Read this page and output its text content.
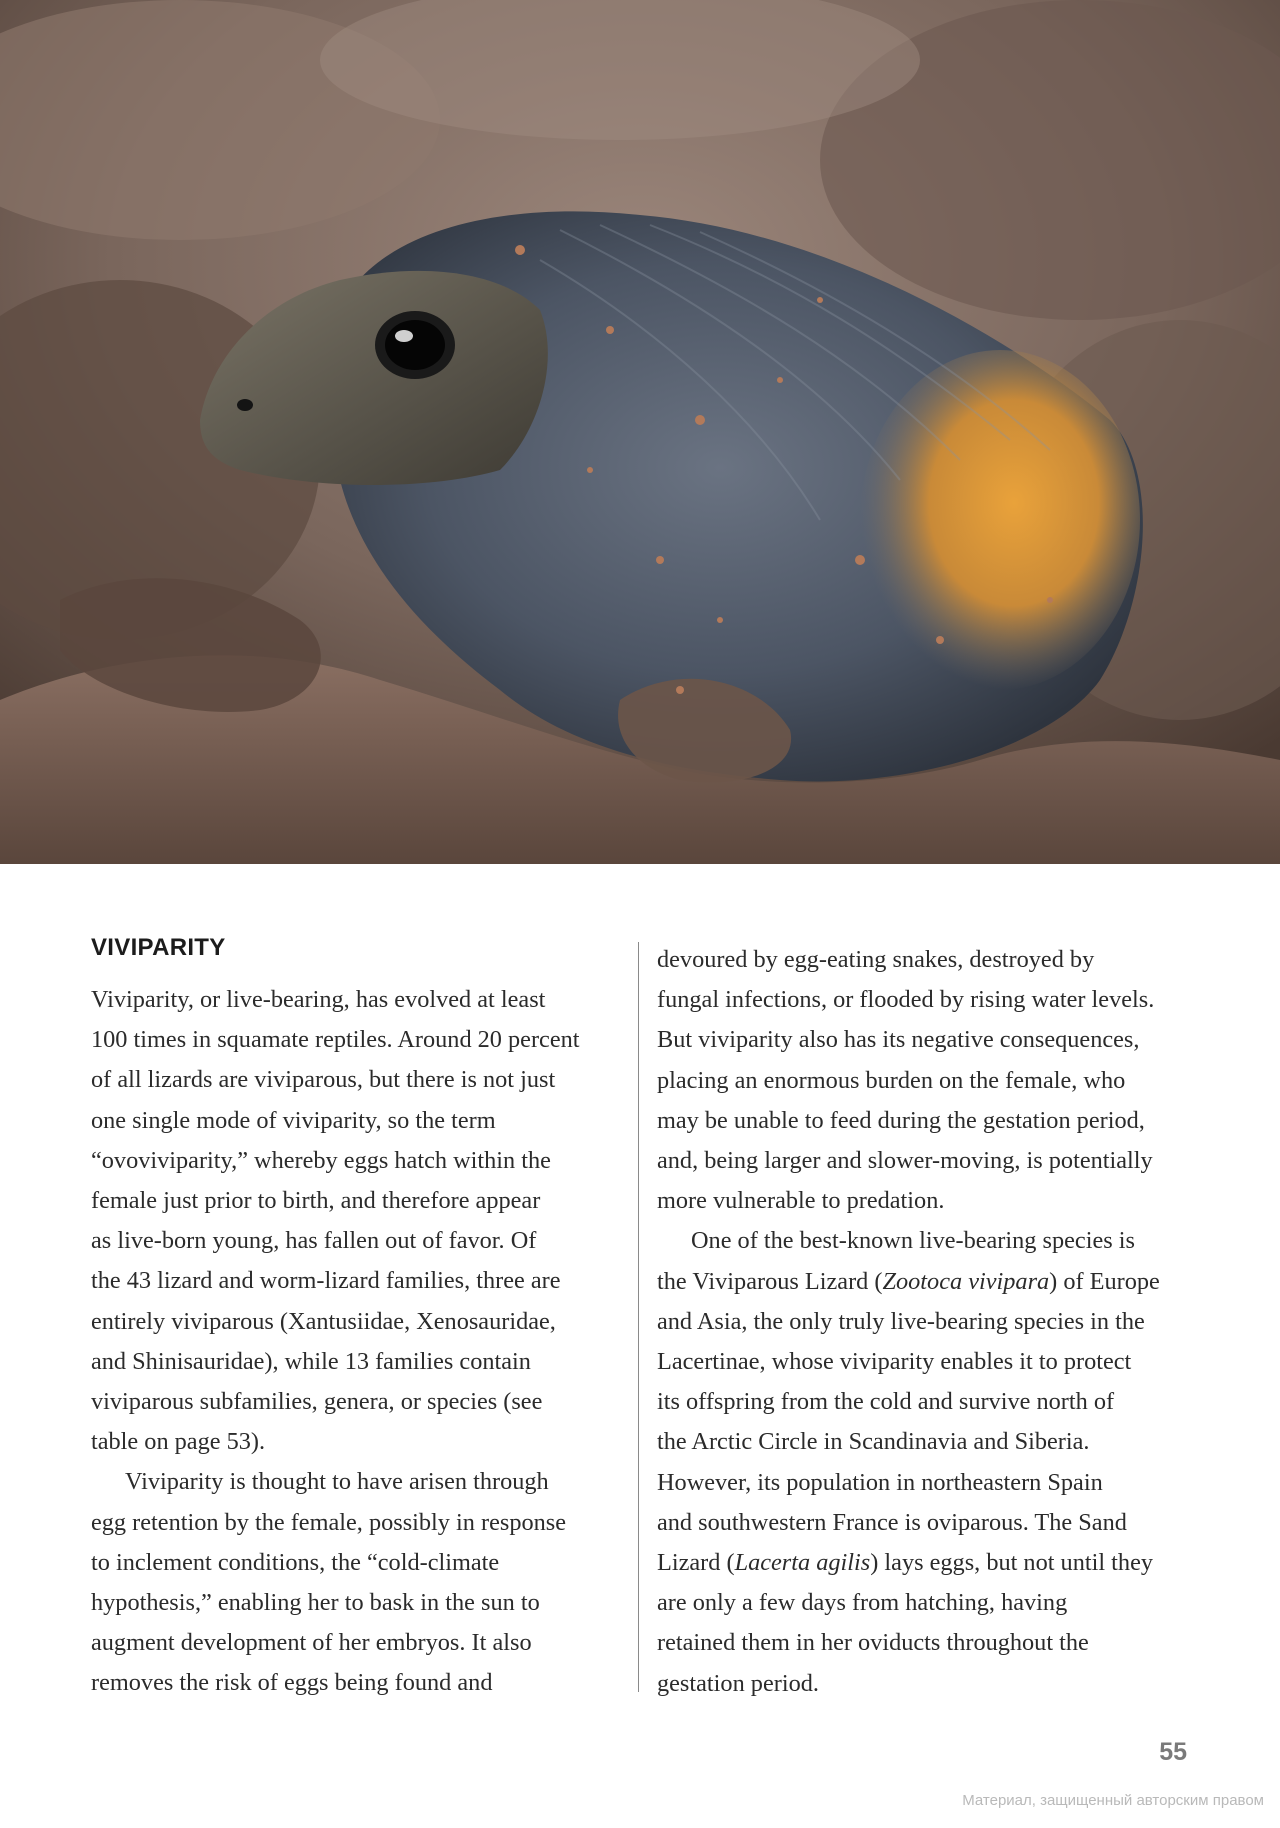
VIVIPARITY
Viviparity, or live-bearing, has evolved at least
100 times in squamate reptiles. Around 20 percent
of all lizards are viviparous, but there is not just
one single mode of viviparity, so the term
“ovoviviparity,” whereby eggs hatch within the
female just prior to birth, and therefore appear
as live-born young, has fallen out of favor. Of
the 43 lizard and worm-lizard families, three are
entirely viviparous (Xantusiidae, Xenosauridae,
and Shinisauridae), while 13 families contain
viviparous subfamilies, genera, or species (see
table on page 53).
Viviparity is thought to have arisen through
egg retention by the female, possibly in response
to inclement conditions, the “cold-climate
hypothesis,” enabling her to bask in the sun to
augment development of her embryos. It also
removes the risk of eggs being found and
devoured by egg-eating snakes, destroyed by
fungal infections, or flooded by rising water levels.
But viviparity also has its negative consequences,
placing an enormous burden on the female, who
may be unable to feed during the gestation period,
and, being larger and slower-moving, is potentially
more vulnerable to predation.
One of the best-known live-bearing species is
the Viviparous Lizard (Zootoca vivipara) of Europe
and Asia, the only truly live-bearing species in the
Lacertinae, whose viviparity enables it to protect
its offspring from the cold and survive north of
the Arctic Circle in Scandinavia and Siberia.
However, its population in northeastern Spain
and southwestern France is oviparous. The Sand
Lizard (Lacerta agilis) lays eggs, but not until they
are only a few days from hatching, having
retained them in her oviducts throughout the
gestation period.
55
Материал, защищенный авторским правом
